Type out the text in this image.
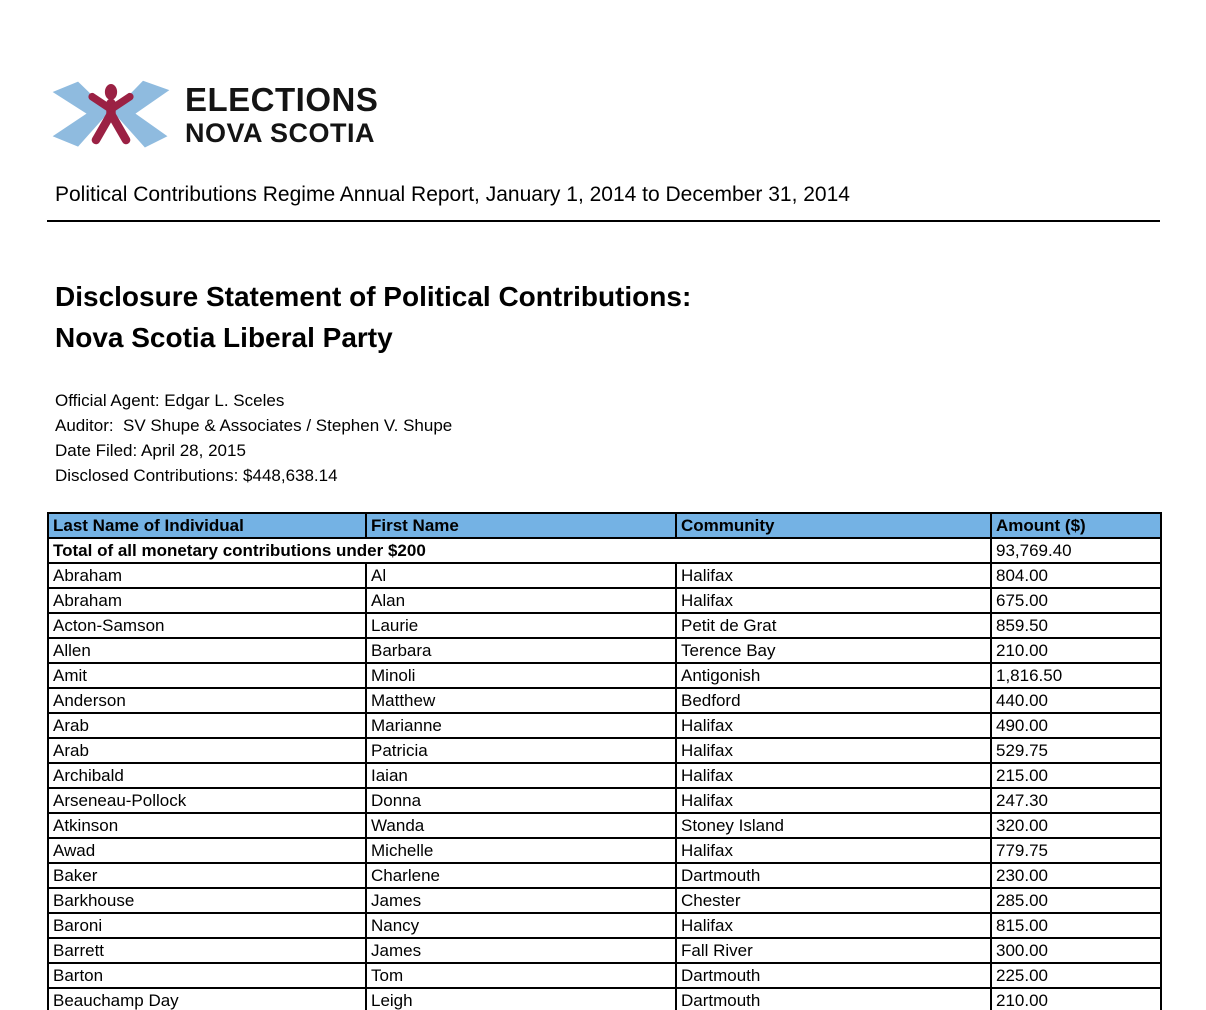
ELECTIONS
NOVA SCOTIA
Political Contributions Regime Annual Report, January 1, 2014 to December 31, 2014
Disclosure Statement of Political Contributions:
Nova Scotia Liberal Party
Official Agent: Edgar L. Sceles
Auditor:  SV Shupe & Associates / Stephen V. Shupe
Date Filed: April 28, 2015
Disclosed Contributions: $448,638.14
Last Name of Individual	First Name	Community	Amount ($)
Total of all monetary contributions under $200			93,769.40
Abraham	Al	Halifax	804.00
Abraham	Alan	Halifax	675.00
Acton-Samson	Laurie	Petit de Grat	859.50
Allen	Barbara	Terence Bay	210.00
Amit	Minoli	Antigonish	1,816.50
Anderson	Matthew	Bedford	440.00
Arab	Marianne	Halifax	490.00
Arab	Patricia	Halifax	529.75
Archibald	Iaian	Halifax	215.00
Arseneau-Pollock	Donna	Halifax	247.30
Atkinson	Wanda	Stoney Island	320.00
Awad	Michelle	Halifax	779.75
Baker	Charlene	Dartmouth	230.00
Barkhouse	James	Chester	285.00
Baroni	Nancy	Halifax	815.00
Barrett	James	Fall River	300.00
Barton	Tom	Dartmouth	225.00
Beauchamp Day	Leigh	Dartmouth	210.00
